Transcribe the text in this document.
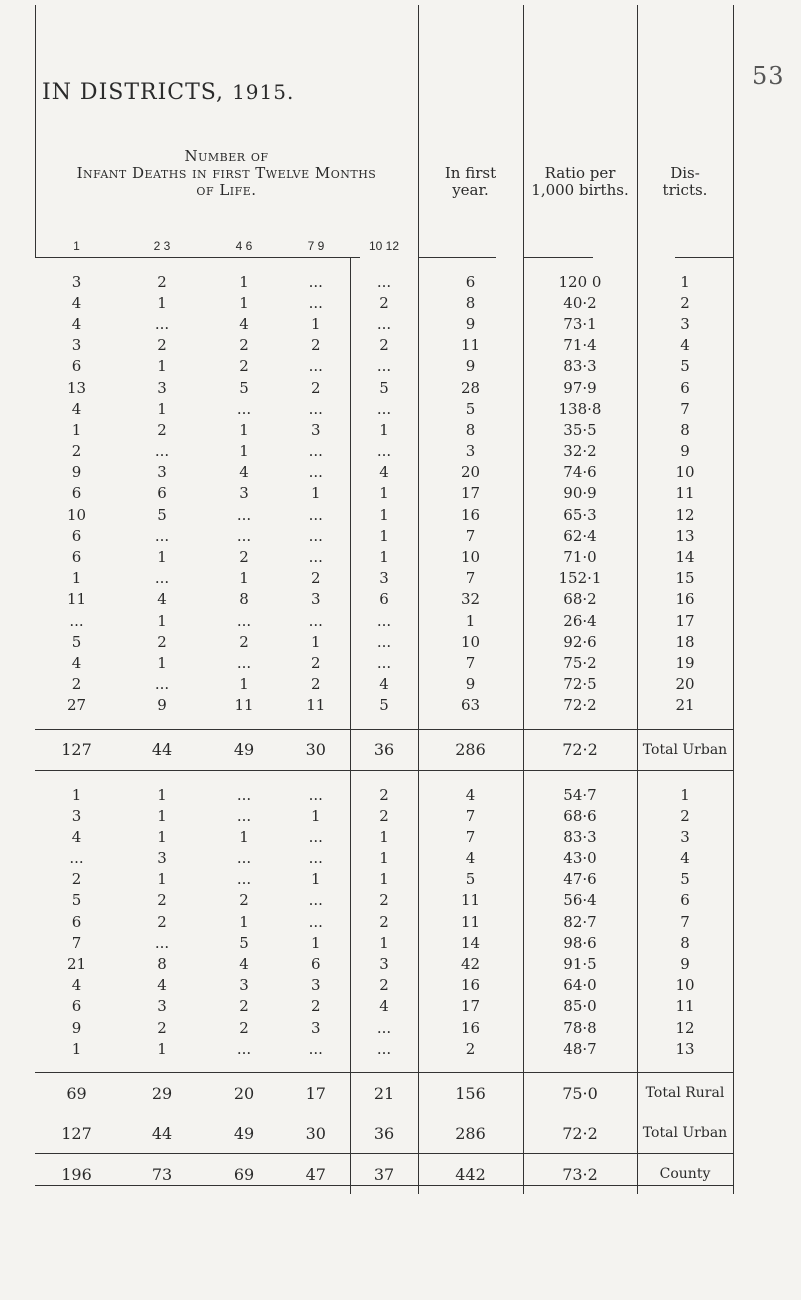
53
IN DISTRICTS, 1915.
Number of
Infant Deaths in first Twelve Months
of Life.
In first
year.
Ratio per
1,000 births.
Dis-
tricts.
1	2 3	4 6	7 9	10 12

3	2	1	...	...	6	120 0	1
4	1	1	...	2	8	40·2	2
4	...	4	1	...	9	73·1	3
3	2	2	2	2	11	71·4	4
6	1	2	...	...	9	83·3	5
13	3	5	2	5	28	97·9	6
4	1	...	...	...	5	138·8	7
1	2	1	3	1	8	35·5	8
2	...	1	...	...	3	32·2	9
9	3	4	...	4	20	74·6	10
6	6	3	1	1	17	90·9	11
10	5	...	...	1	16	65·3	12
6	...	...	...	1	7	62·4	13
6	1	2	...	1	10	71·0	14
1	...	1	2	3	7	152·1	15
11	4	8	3	6	32	68·2	16
...	1	...	...	...	1	26·4	17
5	2	2	1	...	10	92·6	18
4	1	...	2	...	7	75·2	19
2	...	1	2	4	9	72·5	20
27	9	11	11	5	63	72·2	21

127	44	49	30	36	286	72·2	Total Urban

1	1	...	...	2	4	54·7	1
3	1	...	1	2	7	68·6	2
4	1	1	...	1	7	83·3	3
...	3	...	...	1	4	43·0	4
2	1	...	1	1	5	47·6	5
5	2	2	...	2	11	56·4	6
6	2	1	...	2	11	82·7	7
7	...	5	1	1	14	98·6	8
21	8	4	6	3	42	91·5	9
4	4	3	3	2	16	64·0	10
6	3	2	2	4	17	85·0	11
9	2	2	3	...	16	78·8	12
1	1	...	...	...	2	48·7	13

69	29	20	17	21	156	75·0	Total Rural
127	44	49	30	36	286	72·2	Total Urban
196	73	69	47	37	442	73·2	County
